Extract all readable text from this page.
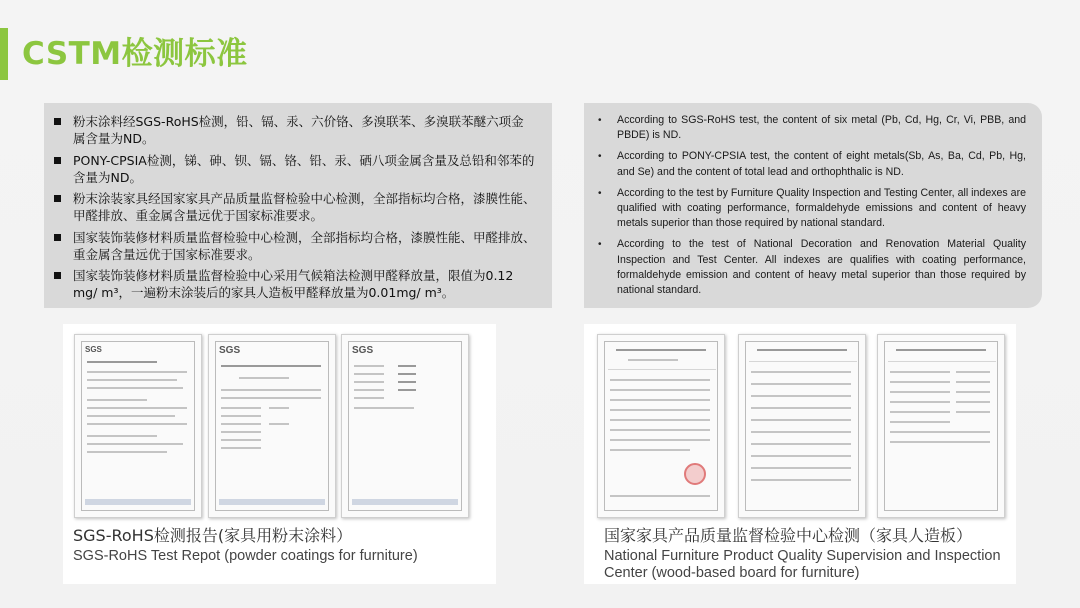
CSTM检测标准
粉末涂料经SGS-RoHS检测，铅、镉、汞、六价铬、多溴联苯、多溴联苯醚六项金属含量为ND。
PONY-CPSIA检测，锑、砷、钡、镉、铬、铅、汞、硒八项金属含量及总铅和邻苯的含量为ND。
粉末涂装家具经国家家具产品质量监督检验中心检测，全部指标均合格，漆膜性能、甲醛排放、重金属含量远优于国家标准要求。
国家装饰装修材料质量监督检验中心检测，全部指标均合格，漆膜性能、甲醛排放、重金属含量远优于国家标准要求。
国家装饰装修材料质量监督检验中心采用气候箱法检测甲醛释放量，限值为0.12 mg/ m³，一遍粉末涂装后的家具人造板甲醛释放量为0.01mg/ m³。
•	According to SGS-RoHS test, the content of six metal (Pb, Cd, Hg, Cr, Vi, PBB, and PBDE) is ND.
•	According to PONY-CPSIA test, the content of eight metals(Sb, As, Ba, Cd, Pb, Hg, and Se) and the content of total lead and orthophthalic is ND.
•	According to the test by Furniture Quality Inspection and Testing Center, all indexes are qualified with coating performance, formaldehyde emissions and content of heavy metals superior than those required by national standard.
•	According to the test of National Decoration and Renovation Material Quality Inspection and Test Center. All indexes are qualifies with coating performance, formaldehyde emission and content of heavy metal superior than those required by national standard.
SGS	SGS	SGS
SGS-RoHS检测报告(家具用粉末涂料）
SGS-RoHS Test Repot (powder coatings for furniture)
国家家具产品质量监督检验中心检测（家具人造板）
National Furniture Product Quality Supervision and Inspection Center (wood-based board for furniture)
